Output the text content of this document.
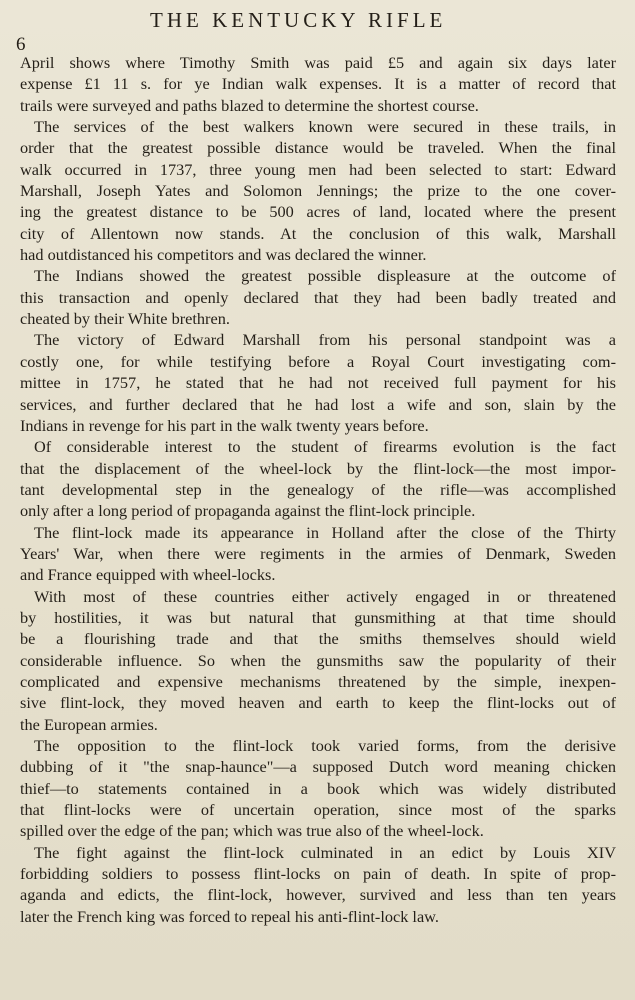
6
THE KENTUCKY RIFLE
April shows where Timothy Smith was paid £5 and again six days later
expense £1 11 s. for ye Indian walk expenses. It is a matter of record that
trails were surveyed and paths blazed to determine the shortest course.
The services of the best walkers known were secured in these trails, in
order that the greatest possible distance would be traveled. When the final
walk occurred in 1737, three young men had been selected to start: Edward
Marshall, Joseph Yates and Solomon Jennings; the prize to the one cover-
ing the greatest distance to be 500 acres of land, located where the present
city of Allentown now stands. At the conclusion of this walk, Marshall
had outdistanced his competitors and was declared the winner.
The Indians showed the greatest possible displeasure at the outcome of
this transaction and openly declared that they had been badly treated and
cheated by their White brethren.
The victory of Edward Marshall from his personal standpoint was a
costly one, for while testifying before a Royal Court investigating com-
mittee in 1757, he stated that he had not received full payment for his
services, and further declared that he had lost a wife and son, slain by the
Indians in revenge for his part in the walk twenty years before.
Of considerable interest to the student of firearms evolution is the fact
that the displacement of the wheel-lock by the flint-lock—the most impor-
tant developmental step in the genealogy of the rifle—was accomplished
only after a long period of propaganda against the flint-lock principle.
The flint-lock made its appearance in Holland after the close of the Thirty
Years' War, when there were regiments in the armies of Denmark, Sweden
and France equipped with wheel-locks.
With most of these countries either actively engaged in or threatened
by hostilities, it was but natural that gunsmithing at that time should
be a flourishing trade and that the smiths themselves should wield
considerable influence. So when the gunsmiths saw the popularity of their
complicated and expensive mechanisms threatened by the simple, inexpen-
sive flint-lock, they moved heaven and earth to keep the flint-locks out of
the European armies.
The opposition to the flint-lock took varied forms, from the derisive
dubbing of it "the snap-haunce"—a supposed Dutch word meaning chicken
thief—to statements contained in a book which was widely distributed
that flint-locks were of uncertain operation, since most of the sparks
spilled over the edge of the pan; which was true also of the wheel-lock.
The fight against the flint-lock culminated in an edict by Louis XIV
forbidding soldiers to possess flint-locks on pain of death. In spite of prop-
aganda and edicts, the flint-lock, however, survived and less than ten years
later the French king was forced to repeal his anti-flint-lock law.
